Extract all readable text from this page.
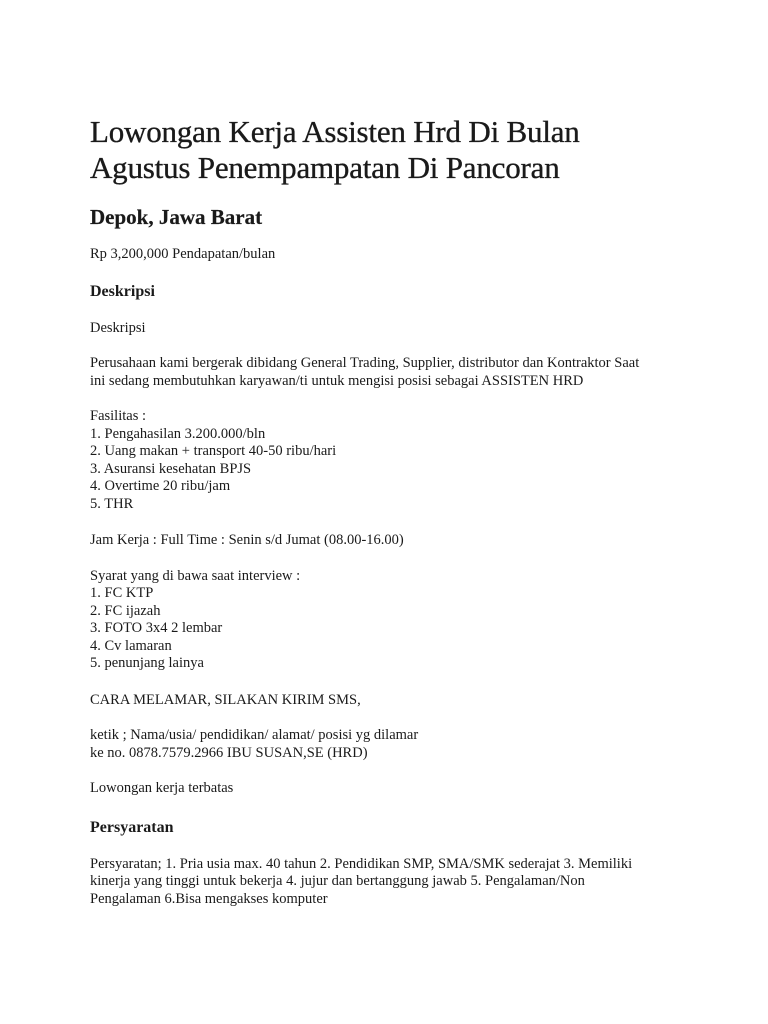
Lowongan Kerja Assisten Hrd Di Bulan
Agustus Penempampatan Di Pancoran
Depok, Jawa Barat

Rp 3,200,000 Pendapatan/bulan

Deskripsi

Deskripsi

Perusahaan kami bergerak dibidang General Trading, Supplier, distributor dan Kontraktor Saat
ini sedang membutuhkan karyawan/ti untuk mengisi posisi sebagai ASSISTEN HRD

Fasilitas :
1. Pengahasilan 3.200.000/bln
2. Uang makan + transport 40-50 ribu/hari
3. Asuransi kesehatan BPJS
4. Overtime 20 ribu/jam
5. THR

Jam Kerja : Full Time : Senin s/d Jumat (08.00-16.00)

Syarat yang di bawa saat interview :
1. FC KTP
2. FC ijazah
3. FOTO 3x4 2 lembar
4. Cv lamaran
5. penunjang lainya

CARA MELAMAR, SILAKAN KIRIM SMS,

ketik ; Nama/usia/ pendidikan/ alamat/ posisi yg dilamar
ke no. 0878.7579.2966 IBU SUSAN,SE (HRD)

Lowongan kerja terbatas

Persyaratan

Persyaratan; 1. Pria usia max. 40 tahun 2. Pendidikan SMP, SMA/SMK sederajat 3. Memiliki
kinerja yang tinggi untuk bekerja 4. jujur dan bertanggung jawab 5. Pengalaman/Non
Pengalaman 6.Bisa mengakses komputer
